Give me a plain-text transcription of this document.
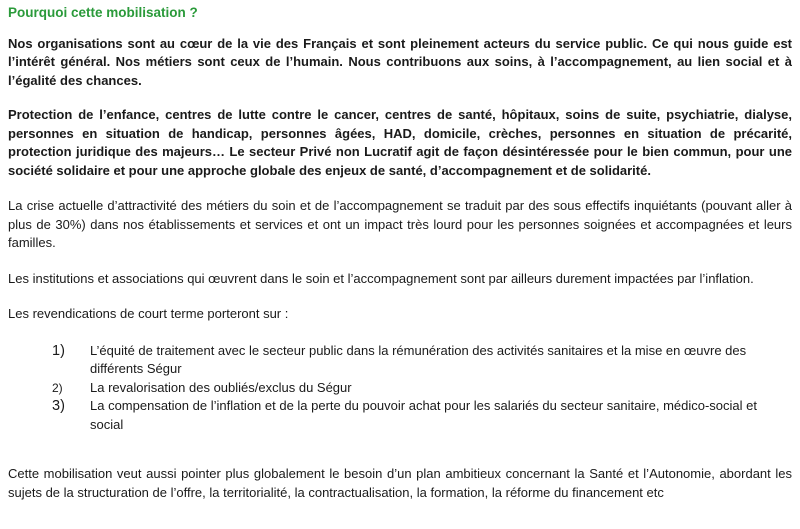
Pourquoi cette mobilisation ?

Nos organisations sont au cœur de la vie des Français et sont pleinement acteurs du service public. Ce qui nous guide est l’intérêt général. Nos métiers sont ceux de l’humain. Nous contribuons aux soins, à l’accompagnement, au lien social et à l’égalité des chances.

Protection de l’enfance, centres de lutte contre le cancer, centres de santé, hôpitaux, soins de suite, psychiatrie, dialyse, personnes en situation de handicap, personnes âgées, HAD, domicile, crèches, personnes en situation de précarité, protection juridique des majeurs… Le secteur Privé non Lucratif agit de façon désintéressée pour le bien commun, pour une société solidaire et pour une approche globale des enjeux de santé, d’accompagnement et de solidarité.

La crise actuelle d’attractivité des métiers du soin et de l’accompagnement se traduit par des sous effectifs inquiétants (pouvant aller à plus de 30%) dans nos établissements et services et ont un impact très lourd pour les personnes soignées et accompagnées et leurs familles.

Les institutions et associations qui œuvrent dans le soin et l’accompagnement sont par ailleurs durement impactées par l’inflation.

Les revendications de court terme porteront sur :

1) L’équité de traitement avec le secteur public dans la rémunération des activités sanitaires et la mise en œuvre des différents Ségur
2) La revalorisation des oubliés/exclus du Ségur
3) La compensation de l’inflation et de la perte du pouvoir achat pour les salariés du secteur sanitaire, médico-social et social

Cette mobilisation veut aussi pointer plus globalement le besoin d’un plan ambitieux concernant la Santé et l’Autonomie, abordant les sujets de la structuration de l’offre, la territorialité, la contractualisation, la formation, la réforme du financement etc
